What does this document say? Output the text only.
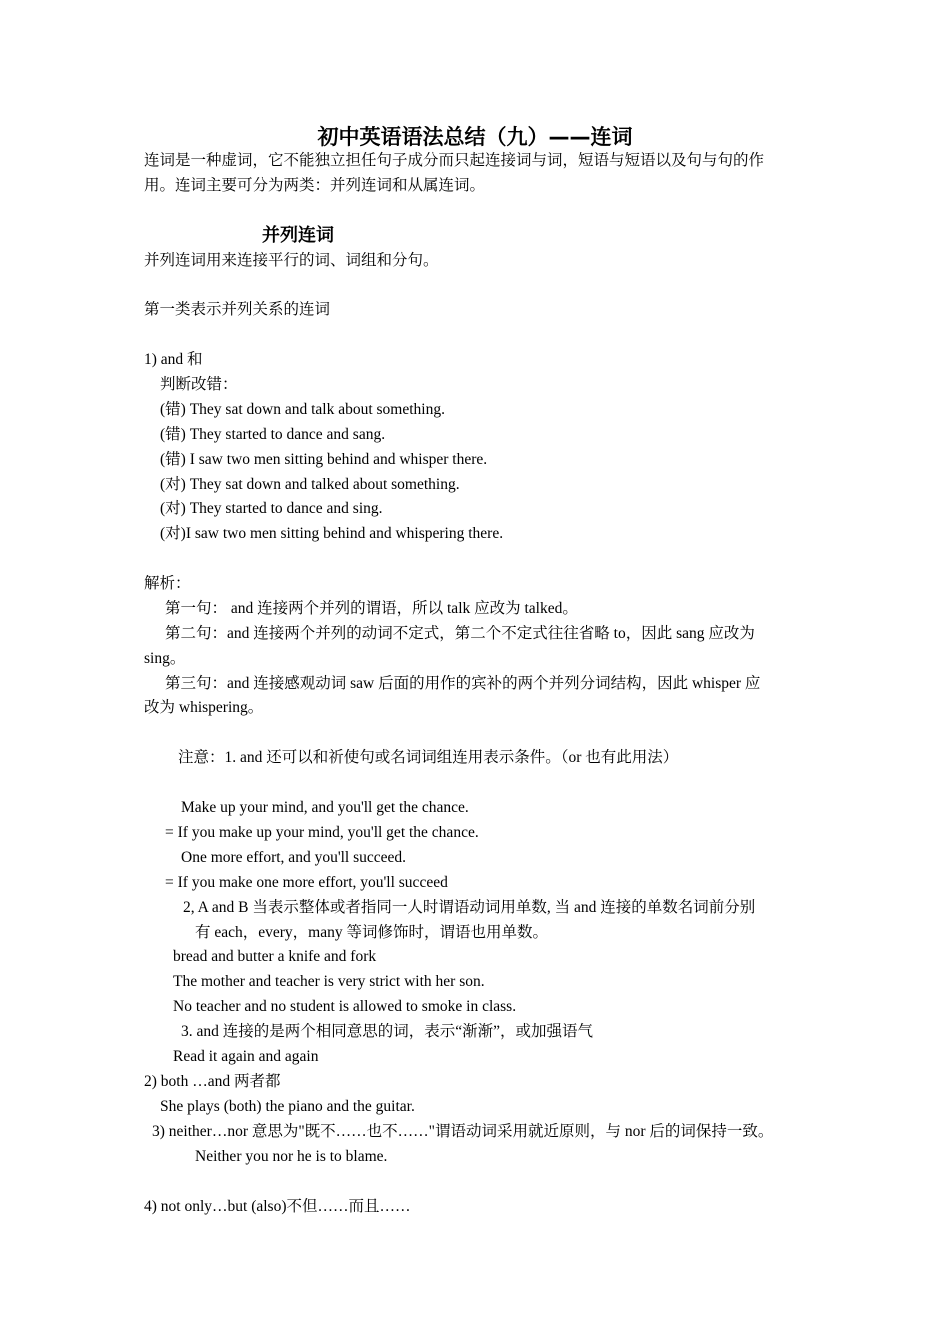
初中英语语法总结（九）——连词
连词是一种虚词，它不能独立担任句子成分而只起连接词与词，短语与短语以及句与句的作
用。连词主要可分为两类：并列连词和从属连词。
并列连词
并列连词用来连接平行的词、词组和分句。
第一类表示并列关系的连词
1) and 和
判断改错：
(错) They sat down and talk about something.
(错) They started to dance and sang.
(错) I saw two men sitting behind and whisper there.
(对) They sat down and talked about something.
(对) They started to dance and sing.
(对)I saw two men sitting behind and whispering there.
解析：
第一句： and 连接两个并列的谓语，所以 talk 应改为 talked。
第二句：and 连接两个并列的动词不定式，第二个不定式往往省略 to，因此 sang 应改为
sing。
第三句：and 连接感观动词 saw 后面的用作的宾补的两个并列分词结构，因此 whisper 应
改为 whispering。
注意：1. and 还可以和祈使句或名词词组连用表示条件。（or 也有此用法）
Make up your mind, and you'll get the chance.
= If you make up your mind, you'll get the chance.
One more effort, and you'll succeed.
= If you make one more effort, you'll succeed
2, A and B 当表示整体或者指同一人时谓语动词用单数, 当 and 连接的单数名词前分别
有 each，every，many 等词修饰时，谓语也用单数。
bread and butter a knife and fork
The mother and teacher is very strict with her son.
No teacher and no student is allowed to smoke in class.
3. and 连接的是两个相同意思的词，表示“渐渐”，或加强语气
Read it again and again
2) both …and 两者都
She plays (both) the piano and the guitar.
3) neither…nor 意思为"既不……也不……"谓语动词采用就近原则，与 nor 后的词保持一致。
Neither you nor he is to blame.
4) not only…but (also)不但……而且……
